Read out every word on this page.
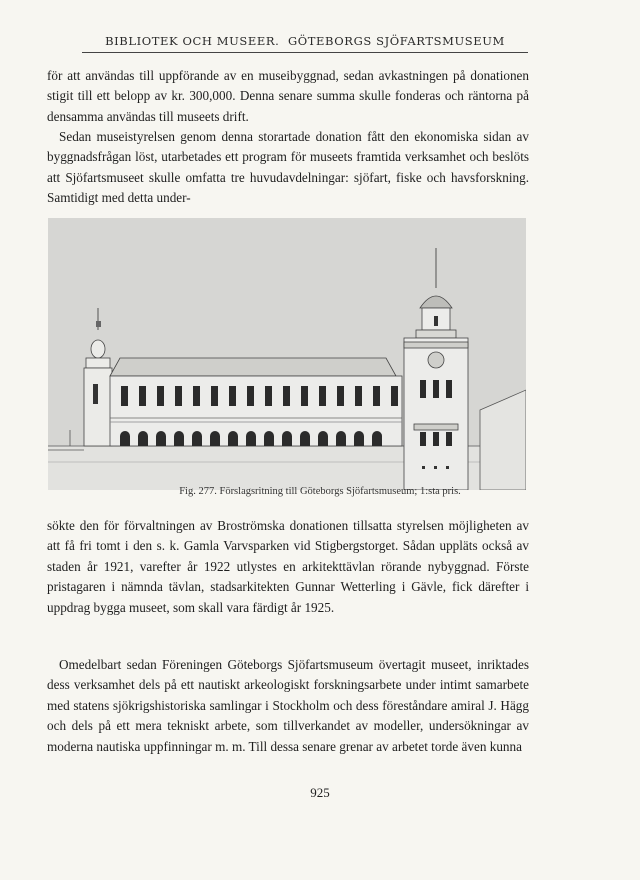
BIBLIOTEK OCH MUSEER. GÖTEBORGS SJÖFARTSMUSEUM

för att användas till uppförande av en museibyggnad, sedan avkastningen på donationen stigit till ett belopp av kr. 300,000. Denna senare summa skulle fonderas och räntorna på densamma användas till museets drift.

Sedan museistyrelsen genom denna storartade donation fått den ekonomiska sidan av byggnadsfrågan löst, utarbetades ett program för museets framtida verksamhet och beslöts att Sjöfartsmuseet skulle omfatta tre huvudavdelningar: sjöfart, fiske och havsforskning. Samtidigt med detta under-

Fig. 277. Förslagsritning till Göteborgs Sjöfartsmuseum; 1:sta pris.

sökte den för förvaltningen av Broströmska donationen tillsatta styrelsen möjligheten av att få fri tomt i den s. k. Gamla Varvsparken vid Stigbergstorget. Sådan uppläts också av staden år 1921, varefter år 1922 utlystes en arkitekttävlan rörande nybyggnad. Förste pristagaren i nämnda tävlan, stadsarkitekten Gunnar Wetterling i Gävle, fick därefter i uppdrag bygga museet, som skall vara färdigt år 1925.

Omedelbart sedan Föreningen Göteborgs Sjöfartsmuseum övertagit museet, inriktades dess verksamhet dels på ett nautiskt arkeologiskt forskningsarbete under intimt samarbete med statens sjökrigshistoriska samlingar i Stockholm och dess föreståndare amiral J. Hägg och dels på ett mera tekniskt arbete, som tillverkandet av modeller, undersökningar av moderna nautiska uppfinningar m. m. Till dessa senare grenar av arbetet torde även kunna

925
